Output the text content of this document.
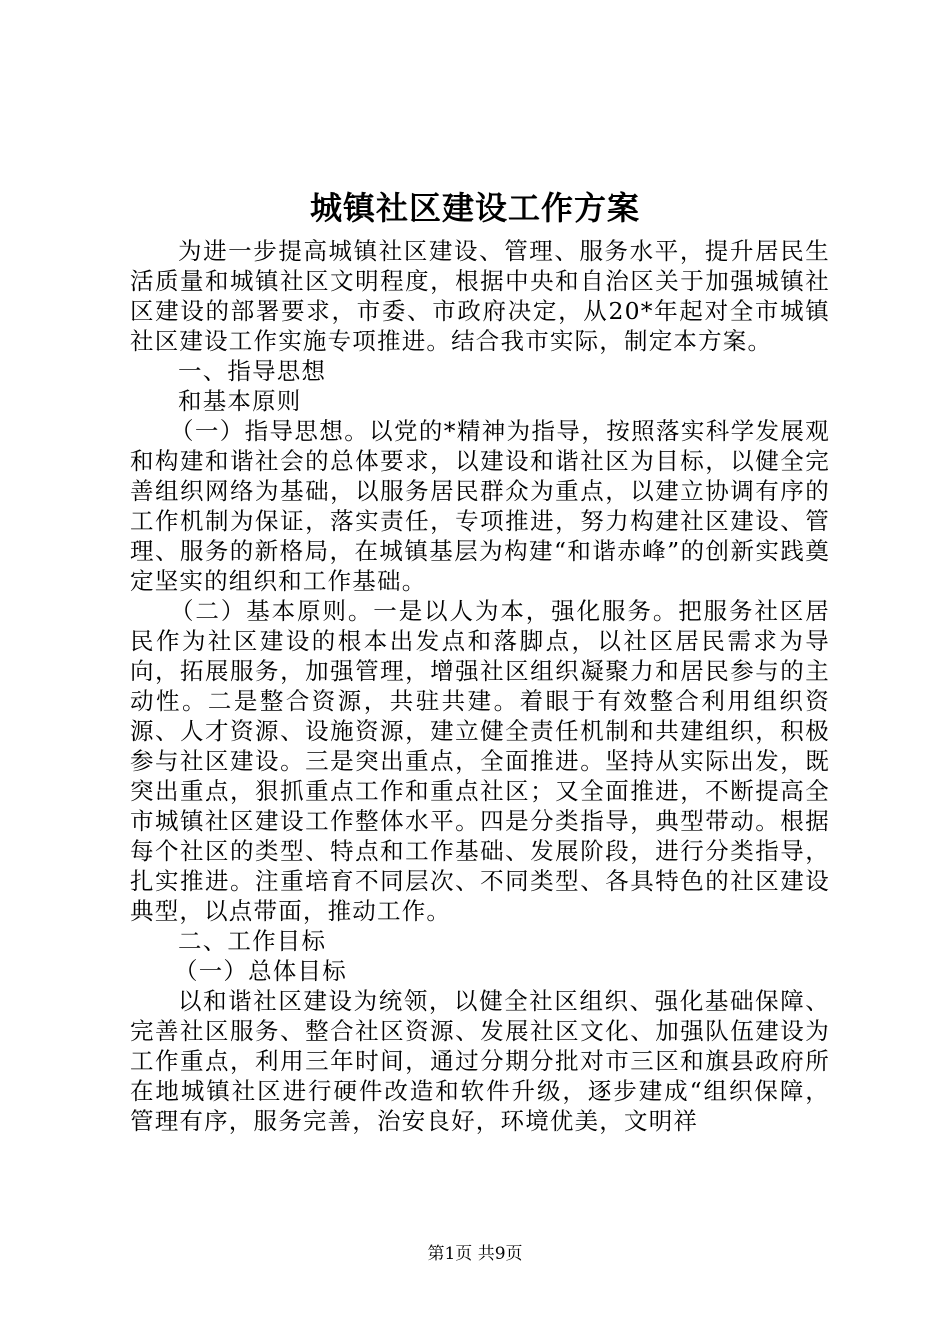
城镇社区建设工作方案

为进一步提高城镇社区建设、管理、服务水平，提升居民生活质量和城镇社区文明程度，根据中央和自治区关于加强城镇社区建设的部署要求，市委、市政府决定，从20*年起对全市城镇社区建设工作实施专项推进。结合我市实际，制定本方案。

一、指导思想

和基本原则

（一）指导思想。以党的*精神为指导，按照落实科学发展观和构建和谐社会的总体要求，以建设和谐社区为目标，以健全完善组织网络为基础，以服务居民群众为重点，以建立协调有序的工作机制为保证，落实责任，专项推进，努力构建社区建设、管理、服务的新格局，在城镇基层为构建“和谐赤峰”的创新实践奠定坚实的组织和工作基础。

（二）基本原则。一是以人为本，强化服务。把服务社区居民作为社区建设的根本出发点和落脚点，以社区居民需求为导向，拓展服务，加强管理，增强社区组织凝聚力和居民参与的主动性。二是整合资源，共驻共建。着眼于有效整合利用组织资源、人才资源、设施资源，建立健全责任机制和共建组织，积极参与社区建设。三是突出重点，全面推进。坚持从实际出发，既突出重点，狠抓重点工作和重点社区；又全面推进，不断提高全市城镇社区建设工作整体水平。四是分类指导，典型带动。根据每个社区的类型、特点和工作基础、发展阶段，进行分类指导，扎实推进。注重培育不同层次、不同类型、各具特色的社区建设典型，以点带面，推动工作。

二、工作目标

（一）总体目标

以和谐社区建设为统领，以健全社区组织、强化基础保障、完善社区服务、整合社区资源、发展社区文化、加强队伍建设为工作重点，利用三年时间，通过分期分批对市三区和旗县政府所在地城镇社区进行硬件改造和软件升级，逐步建成“组织保障，管理有序，服务完善，治安良好，环境优美，文明祥

第1页 共9页
